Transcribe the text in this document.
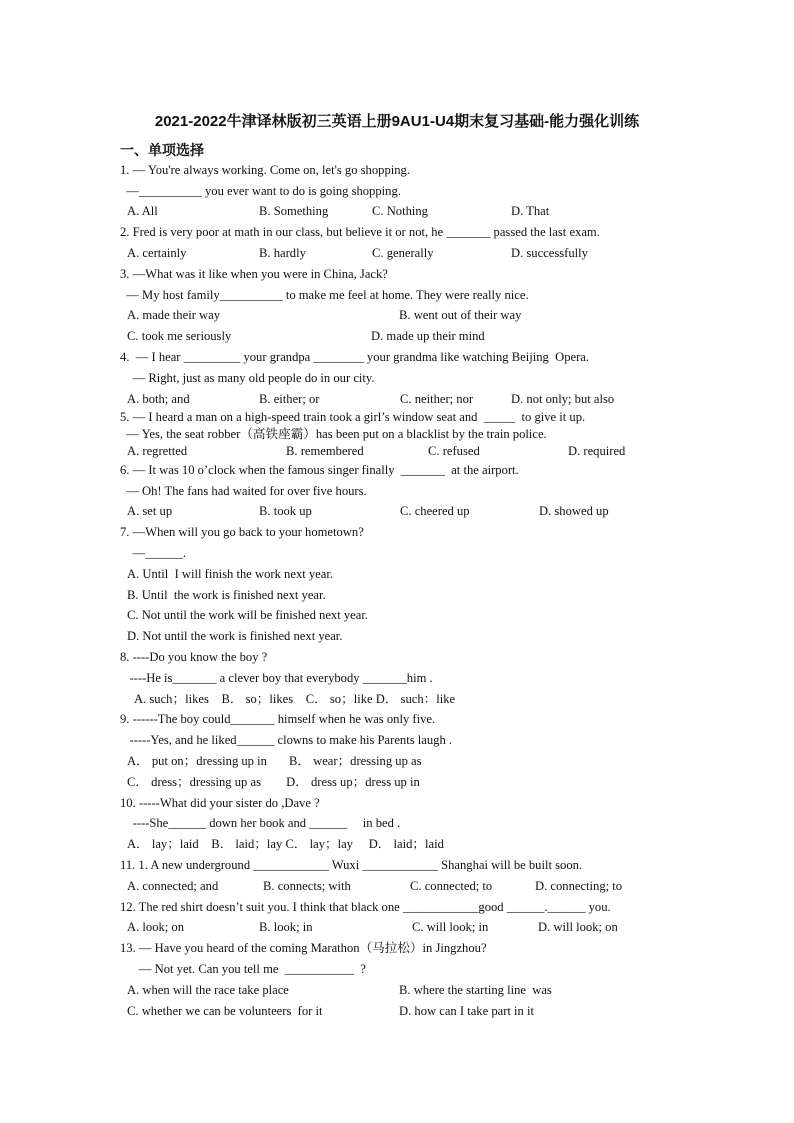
2021-2022牛津译林版初三英语上册9AU1-U4期末复习基础-能力强化训练
一、单项选择
1. — You're always working. Come on, let's go shopping.
—__________ you ever want to do is going shopping.
A. All	B. Something	C. Nothing	D. That
2. Fred is very poor at math in our class, but believe it or not, he _______ passed the last exam.
A. certainly	B. hardly	C. generally	D. successfully
3. —What was it like when you were in China, Jack?
— My host family__________ to make me feel at home. They were really nice.
A. made their way	B. went out of their way
C. took me seriously	D. made up their mind
4.  — I hear _________ your grandpa ________ your grandma like watching Beijing  Opera.
— Right, just as many old people do in our city.
A. both; and	B. either; or	C. neither; nor	D. not only; but also
5. — I heard a man on a high-speed train took a girl’s window seat and  _____  to give it up.
— Yes, the seat robber（高铁座霸）has been put on a blacklist by the train police.
A. regretted	B. remembered	C. refused	D. required
6. — It was 10 o’clock when the famous singer finally  _______  at the airport.
— Oh! The fans had waited for over five hours.
A. set up	B. took up	C. cheered up	D. showed up
7. —When will you go back to your hometown?
—______.
A. Until  I will finish the work next year.
B. Until  the work is finished next year.
C. Not until the work will be finished next year.
D. Not until the work is finished next year.
8. ----Do you know the boy ?
----He is_______ a clever boy that everybody _______him .
A. such；likes    B． so；likes    C． so；like D． such：like
9. ------The boy could_______ himself when he was only five.
-----Yes, and he liked______ clowns to make his Parents laugh .
A． put on；dressing up in       B． wear；dressing up as
C． dress；dressing up as        D． dress up；dress up in
10. -----What did your sister do ,Dave ?
----She______ down her book and ______     in bed .
A． lay；laid    B． laid；lay C． lay；lay     D． laid；laid
11. 1. A new underground ____________ Wuxi ____________ Shanghai will be built soon.
A. connected; and	B. connects; with	C. connected; to	D. connecting; to
12. The red shirt doesn’t suit you. I think that black one ____________good ______.______ you.
A. look; on	B. look; in	C. will look; in	D. will look; on
13. — Have you heard of the coming Marathon（马拉松）in Jingzhou?
— Not yet. Can you tell me  ___________  ?
A. when will the race take place	B. where the starting line  was
C. whether we can be volunteers  for it	D. how can I take part in it
